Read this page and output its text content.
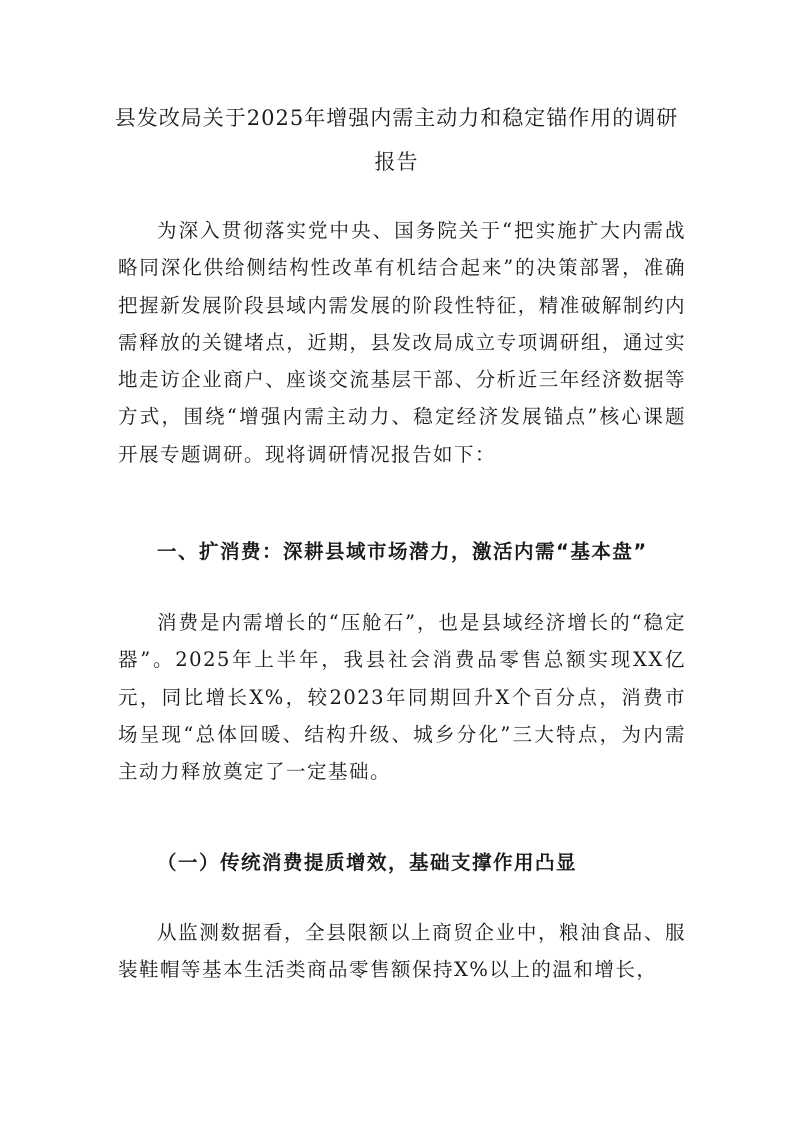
县发改局关于2025年增强内需主动力和稳定锚作用的调研报告

为深入贯彻落实党中央、国务院关于“把实施扩大内需战略同深化供给侧结构性改革有机结合起来”的决策部署，准确把握新发展阶段县域内需发展的阶段性特征，精准破解制约内需释放的关键堵点，近期，县发改局成立专项调研组，通过实地走访企业商户、座谈交流基层干部、分析近三年经济数据等方式，围绕“增强内需主动力、稳定经济发展锚点”核心课题开展专题调研。现将调研情况报告如下：

一、扩消费：深耕县域市场潜力，激活内需“基本盘”

消费是内需增长的“压舱石”，也是县域经济增长的“稳定器”。2025年上半年，我县社会消费品零售总额实现XX亿元，同比增长X%，较2023年同期回升X个百分点，消费市场呈现“总体回暖、结构升级、城乡分化”三大特点，为内需主动力释放奠定了一定基础。

（一）传统消费提质增效，基础支撑作用凸显

从监测数据看，全县限额以上商贸企业中，粮油食品、服装鞋帽等基本生活类商品零售额保持X%以上的温和增长，
